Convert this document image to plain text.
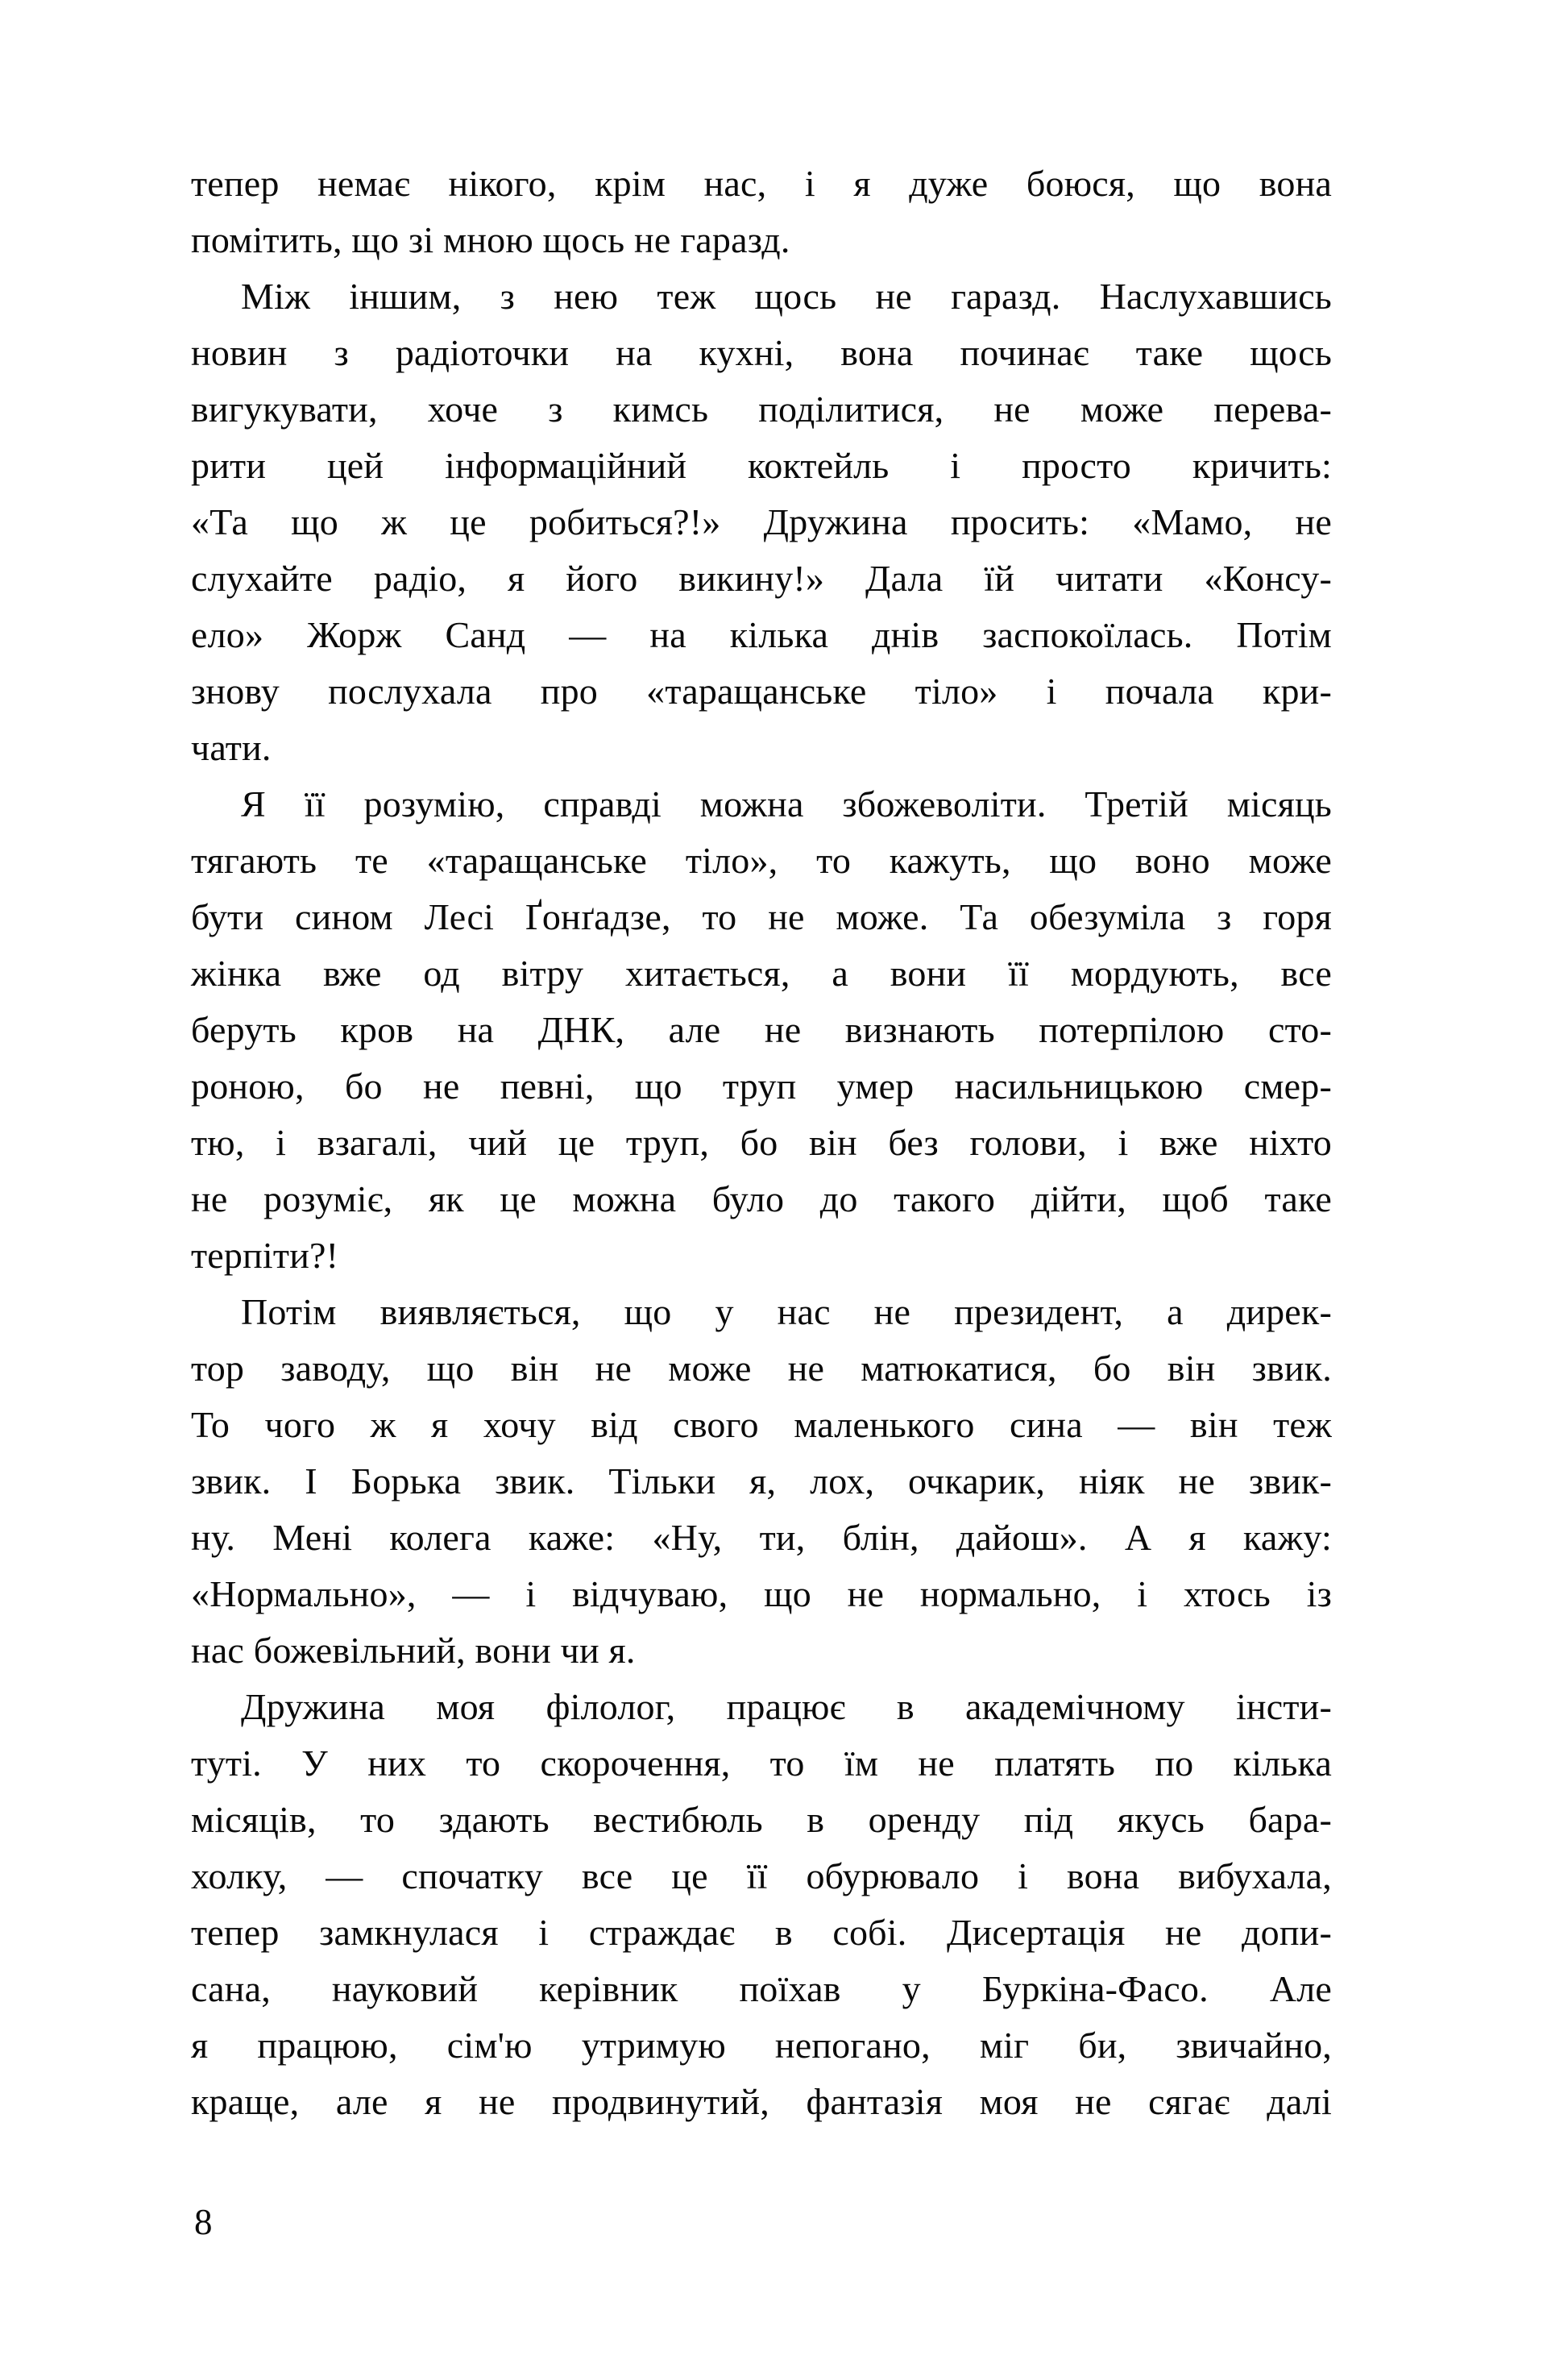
тепер немає нікого, крім нас, і я дуже боюся, що вона
помітить, що зі мною щось не гаразд.
Між іншим, з нею теж щось не гаразд. Наслухавшись
новин з радіоточки на кухні, вона починає таке щось
вигукувати, хоче з кимсь поділитися, не може перева-
рити цей інформаційний коктейль і просто кричить:
«Та що ж це робиться?!» Дружина просить: «Мамо, не
слухайте радіо, я його викину!» Дала їй читати «Консу-
ело» Жорж Санд — на кілька днів заспокоїлась. Потім
знову послухала про «таращанське тіло» і почала кри-
чати.
Я її розумію, справді можна збожеволіти. Третій місяць
тягають те «таращанське тіло», то кажуть, що воно може
бути сином Лесі Ґонґадзе, то не може. Та обезуміла з горя
жінка вже од вітру хитається, а вони її мордують, все
беруть кров на ДНК, але не визнають потерпілою сто-
роною, бо не певні, що труп умер насильницькою смер-
тю, і взагалі, чий це труп, бо він без голови, і вже ніхто
не розуміє, як це можна було до такого дійти, щоб таке
терпіти?!
Потім виявляється, що у нас не президент, а дирек-
тор заводу, що він не може не матюкатися, бо він звик.
То чого ж я хочу від свого маленького сина — він теж
звик. І Борька звик. Тільки я, лох, очкарик, ніяк не звик-
ну. Мені колега каже: «Ну, ти, блін, дайош». А я кажу:
«Нормально», — і відчуваю, що не нормально, і хтось із
нас божевільний, вони чи я.
Дружина моя філолог, працює в академічному інсти-
туті. У них то скорочення, то їм не платять по кілька
місяців, то здають вестибюль в оренду під якусь бара-
холку, — спочатку все це її обурювало і вона вибухала,
тепер замкнулася і страждає в собі. Дисертація не допи-
сана, науковий керівник поїхав у Буркіна-Фасо. Але
я працюю, сім'ю утримую непогано, міг би, звичайно,
краще, але я не продвинутий, фантазія моя не сягає далі
8
